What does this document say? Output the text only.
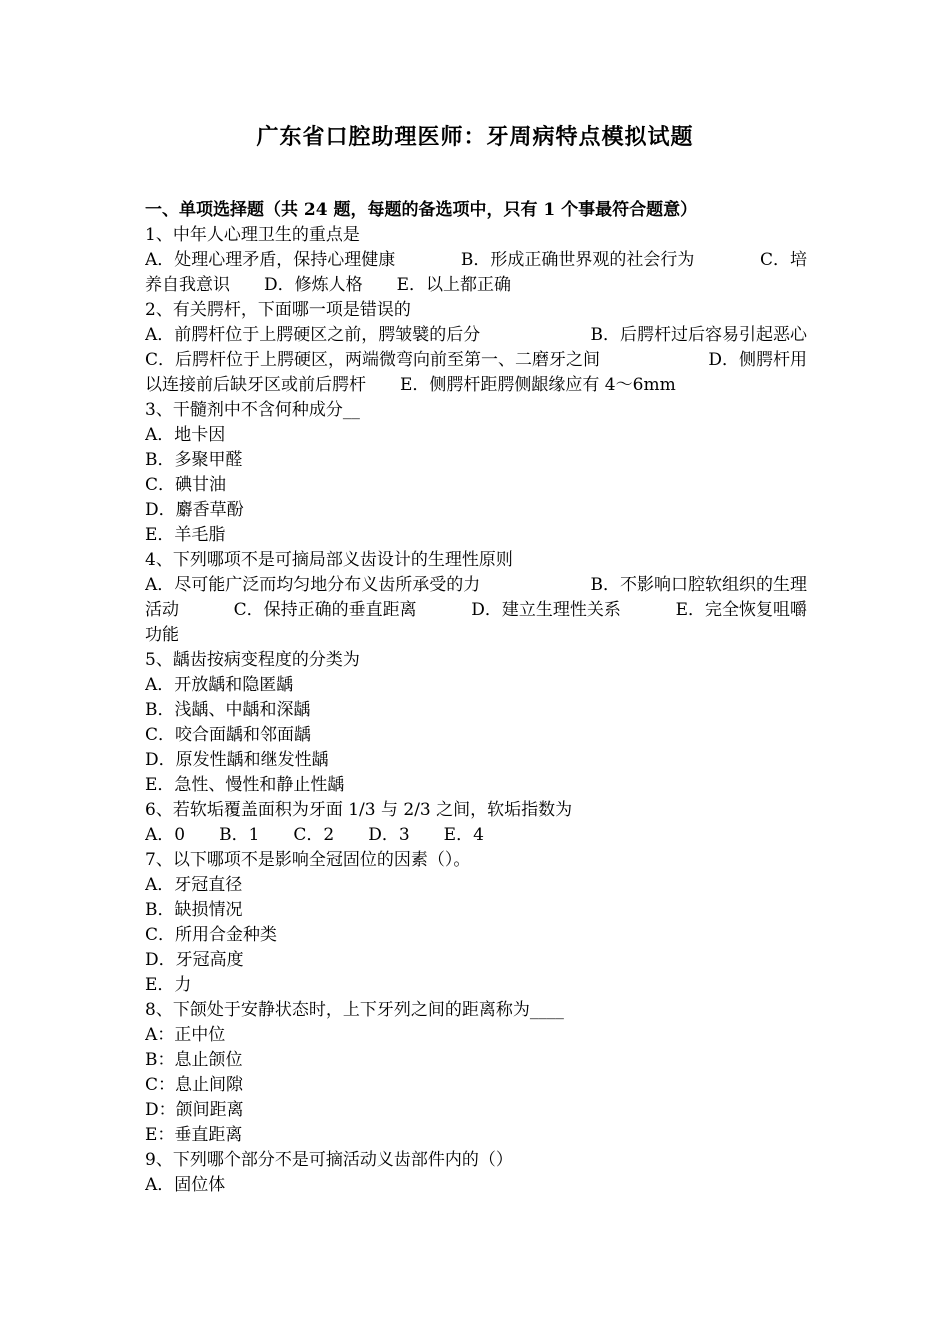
广东省口腔助理医师：牙周病特点模拟试题
一、单项选择题（共 24 题，每题的备选项中，只有 1 个事最符合题意）
1、中年人心理卫生的重点是
A．处理心理矛盾，保持心理健康	B．形成正确世界观的社会行为	C．培
养自我意识　　D．修炼人格　　E．以上都正确
2、有关腭杆，下面哪一项是错误的
A．前腭杆位于上腭硬区之前，腭皱襞的后分	B．后腭杆过后容易引起恶心
C．后腭杆位于上腭硬区，两端微弯向前至第一、二磨牙之间	D．侧腭杆用
以连接前后缺牙区或前后腭杆　　E．侧腭杆距腭侧龈缘应有 4～6mm
3、干髓剂中不含何种成分__
A．地卡因
B．多聚甲醛
C．碘甘油
D．麝香草酚
E．羊毛脂
4、下列哪项不是可摘局部义齿设计的生理性原则
A．尽可能广泛而均匀地分布义齿所承受的力	B．不影响口腔软组织的生理
活动	C．保持正确的垂直距离	D．建立生理性关系	E．完全恢复咀嚼
功能
5、龋齿按病变程度的分类为
A．开放龋和隐匿龋
B．浅龋、中龋和深龋
C．咬合面龋和邻面龋
D．原发性龋和继发性龋
E．急性、慢性和静止性龋
6、若软垢覆盖面积为牙面 1/3 与 2/3 之间，软垢指数为
A．0　　B．1　　C．2　　D．3　　E．4
7、以下哪项不是影响全冠固位的因素（）。
A．牙冠直径
B．缺损情况
C．所用合金种类
D．牙冠高度
E．力
8、下颌处于安静状态时，上下牙列之间的距离称为____
A：正中位
B：息止颌位
C：息止间隙
D：颌间距离
E：垂直距离
9、下列哪个部分不是可摘活动义齿部件内的（）
A．固位体
